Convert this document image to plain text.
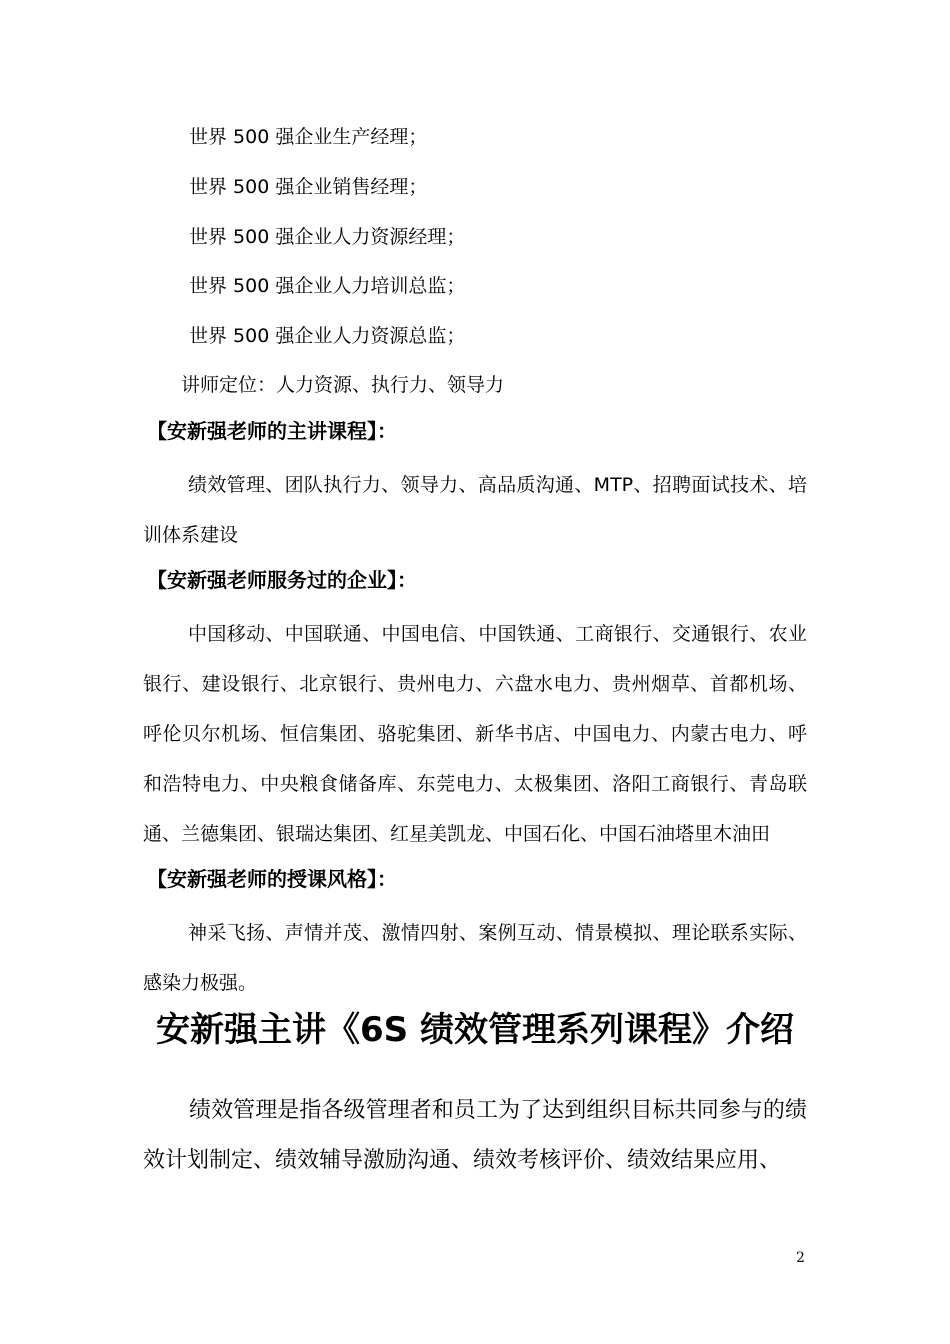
世界 500 强企业生产经理；
世界 500 强企业销售经理；
世界 500 强企业人力资源经理；
世界 500 强企业人力培训总监；
世界 500 强企业人力资源总监；
讲师定位：人力资源、执行力、领导力
【安新强老师的主讲课程】：

绩效管理、团队执行力、领导力、高品质沟通、MTP、招聘面试技术、培训体系建设

【安新强老师服务过的企业】：

中国移动、中国联通、中国电信、中国铁通、工商银行、交通银行、农业银行、建设银行、北京银行、贵州电力、六盘水电力、贵州烟草、首都机场、呼伦贝尔机场、恒信集团、骆驼集团、新华书店、中国电力、内蒙古电力、呼和浩特电力、中央粮食储备库、东莞电力、太极集团、洛阳工商银行、青岛联通、兰德集团、银瑞达集团、红星美凯龙、中国石化、中国石油塔里木油田

【安新强老师的授课风格】：

神采飞扬、声情并茂、激情四射、案例互动、情景模拟、理论联系实际、感染力极强。

安新强主讲《6S 绩效管理系列课程》介绍

绩效管理是指各级管理者和员工为了达到组织目标共同参与的绩效计划制定、绩效辅导激励沟通、绩效考核评价、绩效结果应用、

2
